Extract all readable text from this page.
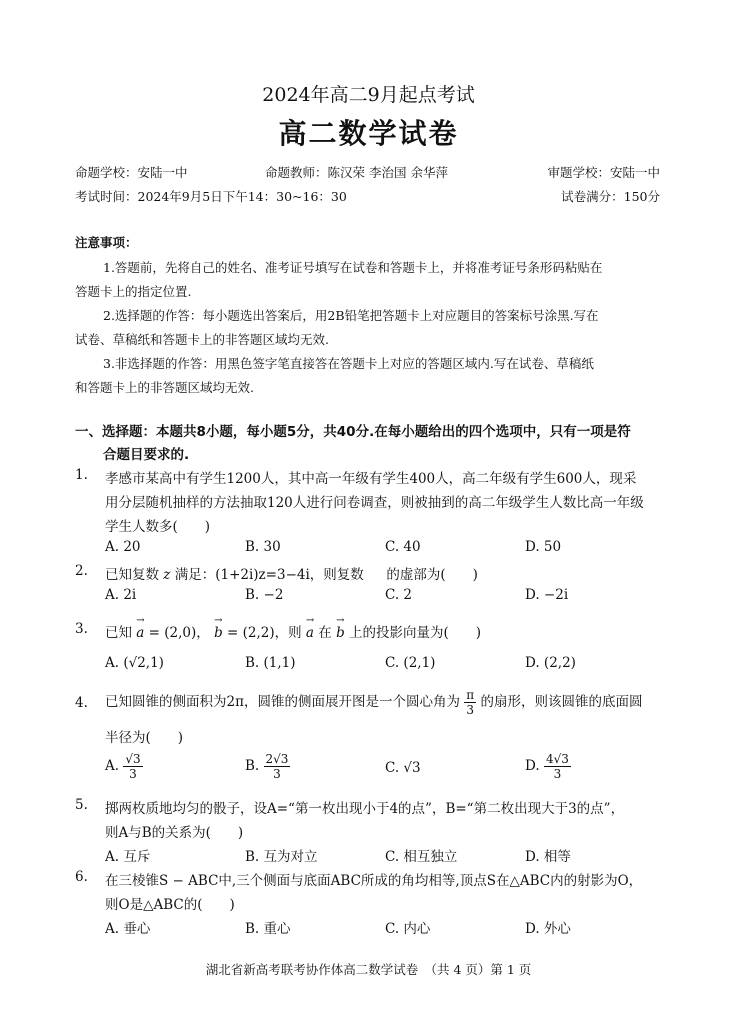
2024年高二9月起点考试
高二数学试卷
命题学校：安陆一中	命题教师：陈汉荣 李治国 余华萍	审题学校：安陆一中
考试时间：2024年9月5日下午14：30~16：30	试卷满分：150分
注意事项：
1.答题前，先将自己的姓名、准考证号填写在试卷和答题卡上，并将准考证号条形码粘贴在
答题卡上的指定位置.
2.选择题的作答：每小题选出答案后，用2B铅笔把答题卡上对应题目的答案标号涂黑.写在
试卷、草稿纸和答题卡上的非答题区域均无效.
3.非选择题的作答：用黑色签字笔直接答在答题卡上对应的答题区域内.写在试卷、草稿纸
和答题卡上的非答题区域均无效.
一、选择题：本题共8小题，每小题5分，共40分.在每小题给出的四个选项中，只有一项是符
合题目要求的.
1. 孝感市某高中有学生1200人，其中高一年级有学生400人，高二年级有学生600人，现采
用分层随机抽样的方法抽取120人进行问卷调查，则被抽到的高二年级学生人数比高一年级
学生人数多(　　)
A. 20	B. 30	C. 40	D. 50
2. 已知复数 z 满足：(1+2i)z=3−4i，则复数 的虚部为(　　)
A. 2i	B. −2	C. 2	D. −2i
3. 已知 → a = (2,0)， → b = (2,2)，则 → a 在 → b 上的投影向量为(　　)
A. (√2,1)	B. (1,1)	C. (2,1)	D. (2,2)
4. 已知圆锥的侧面积为2π，圆锥的侧面展开图是一个圆心角为 $\frac{\pi}{3}$ 的扇形，则该圆锥的底面圆
半径为(　　)
A. $\frac{√3}{3}$	B. $\frac{2√3}{3}$	C. √3	D. $\frac{4√3}{3}$
5. 掷两枚质地均匀的骰子，设A=“第一枚出现小于4的点”，B=“第二枚出现大于3的点”，
则A与B的关系为(　　)
A. 互斥	B. 互为对立	C. 相互独立	D. 相等
6. 在三棱锥S − ABC中,三个侧面与底面ABC所成的角均相等,顶点S在△ABC内的射影为O，
则O是△ABC的(　　)
A. 垂心	B. 重心	C. 内心	D. 外心
湖北省新高考联考协作体高二数学试卷　（共 4 页）第 1 页
